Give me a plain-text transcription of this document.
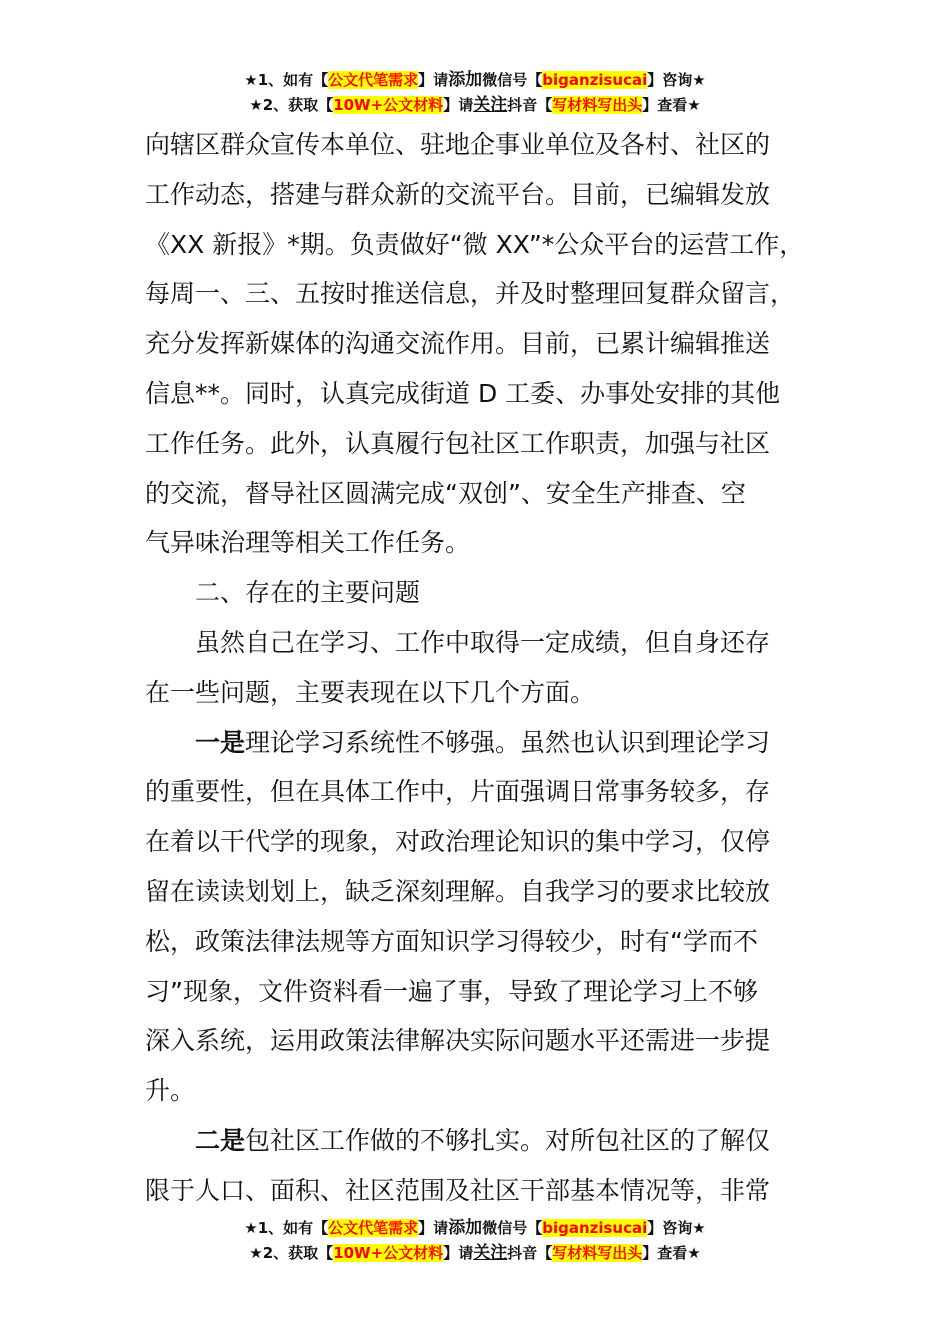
★1、如有【公文代笔需求】请添加微信号【biganzisucai】咨询★
★2、获取【10W+公文材料】请关注抖音【写材料写出头】查看★

向辖区群众宣传本单位、驻地企事业单位及各村、社区的

工作动态，搭建与群众新的交流平台。目前，已编辑发放

《XX 新报》*期。负责做好“微 XX”*公众平台的运营工作，

每周一、三、五按时推送信息，并及时整理回复群众留言，

充分发挥新媒体的沟通交流作用。目前，已累计编辑推送

信息**。同时，认真完成街道 D 工委、办事处安排的其他

工作任务。此外，认真履行包社区工作职责，加强与社区

的交流，督导社区圆满完成“双创”、安全生产排查、空

气异味治理等相关工作任务。

二、存在的主要问题

虽然自己在学习、工作中取得一定成绩，但自身还存

在一些问题，主要表现在以下几个方面。

一是理论学习系统性不够强。虽然也认识到理论学习

的重要性，但在具体工作中，片面强调日常事务较多，存

在着以干代学的现象，对政治理论知识的集中学习，仅停

留在读读划划上，缺乏深刻理解。自我学习的要求比较放

松，政策法律法规等方面知识学习得较少，时有“学而不

习”现象，文件资料看一遍了事，导致了理论学习上不够

深入系统，运用政策法律解决实际问题水平还需进一步提

升。

二是包社区工作做的不够扎实。对所包社区的了解仅

限于人口、面积、社区范围及社区干部基本情况等，非常

★1、如有【公文代笔需求】请添加微信号【biganzisucai】咨询★
★2、获取【10W+公文材料】请关注抖音【写材料写出头】查看★
